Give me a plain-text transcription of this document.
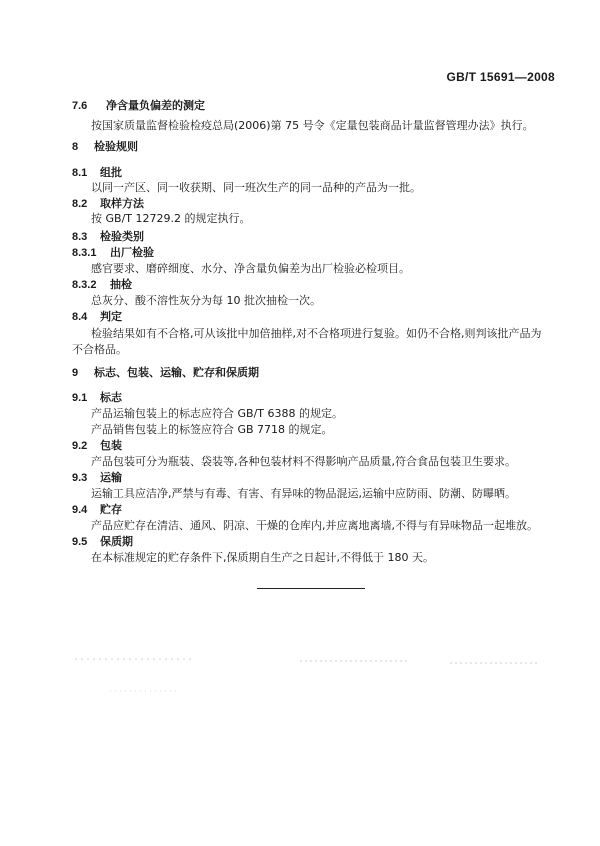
GB/T 15691—2008
7.6 净含量负偏差的测定
按国家质量监督检验检疫总局(2006)第 75 号令《定量包装商品计量监督管理办法》执行。
8 检验规则
8.1 组批
以同一产区、同一收获期、同一班次生产的同一品种的产品为一批。
8.2 取样方法
按 GB/T 12729.2 的规定执行。
8.3 检验类别
8.3.1 出厂检验
感官要求、磨碎细度、水分、净含量负偏差为出厂检验必检项目。
8.3.2 抽检
总灰分、酸不溶性灰分为每 10 批次抽检一次。
8.4 判定
检验结果如有不合格,可从该批中加倍抽样,对不合格项进行复验。如仍不合格,则判该批产品为
不合格品。
9 标志、包装、运输、贮存和保质期
9.1 标志
产品运输包装上的标志应符合 GB/T 6388 的规定。
产品销售包装上的标签应符合 GB 7718 的规定。
9.2 包装
产品包装可分为瓶装、袋装等,各种包装材料不得影响产品质量,符合食品包装卫生要求。
9.3 运输
运输工具应洁净,严禁与有毒、有害、有异味的物品混运,运输中应防雨、防潮、防曝晒。
9.4 贮存
产品应贮存在清洁、通风、阴凉、干燥的仓库内,并应离地离墙,不得与有异味物品一起堆放。
9.5 保质期
在本标准规定的贮存条件下,保质期自生产之日起计,不得低于 180 天。
